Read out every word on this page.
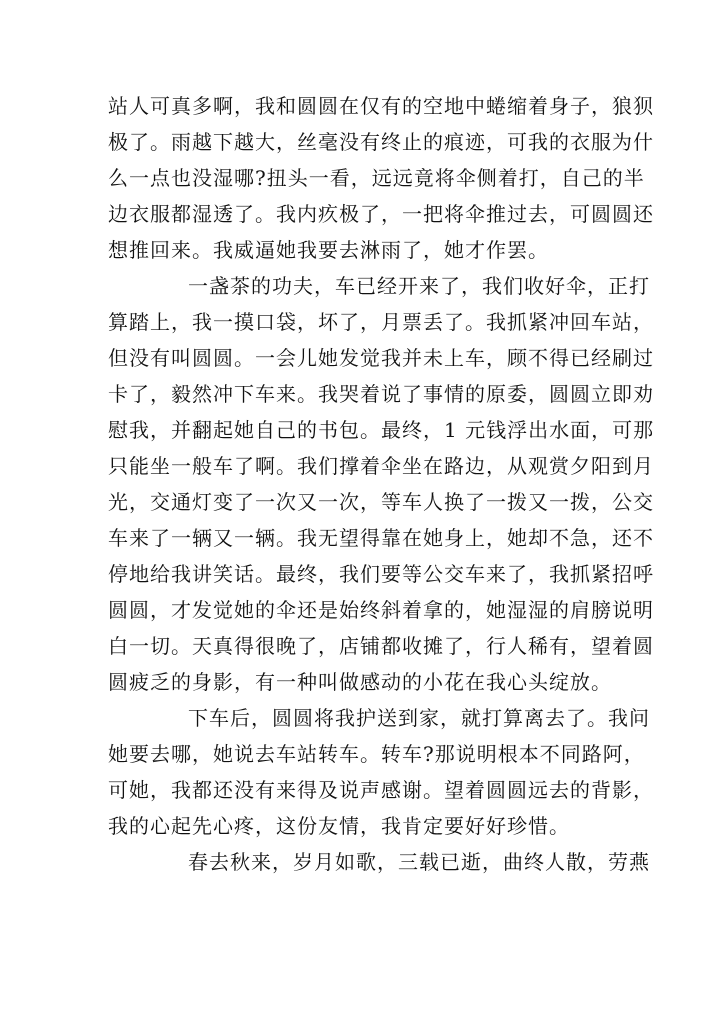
站人可真多啊，我和圆圆在仅有的空地中蜷缩着身子，狼狈
极了。雨越下越大，丝毫没有终止的痕迹，可我的衣服为什
么一点也没湿哪?扭头一看，远远竟将伞侧着打，自己的半
边衣服都湿透了。我内疚极了，一把将伞推过去，可圆圆还
想推回来。我威逼她我要去淋雨了，她才作罢。

一盏茶的功夫，车已经开来了，我们收好伞，正打
算踏上，我一摸口袋，坏了，月票丢了。我抓紧冲回车站，
但没有叫圆圆。一会儿她发觉我并未上车，顾不得已经刷过
卡了，毅然冲下车来。我哭着说了事情的原委，圆圆立即劝
慰我，并翻起她自己的书包。最终，1 元钱浮出水面，可那
只能坐一般车了啊。我们撑着伞坐在路边，从观赏夕阳到月
光，交通灯变了一次又一次，等车人换了一拨又一拨，公交
车来了一辆又一辆。我无望得靠在她身上，她却不急，还不
停地给我讲笑话。最终，我们要等公交车来了，我抓紧招呼
圆圆，才发觉她的伞还是始终斜着拿的，她湿湿的肩膀说明
白一切。天真得很晚了，店铺都收摊了，行人稀有，望着圆
圆疲乏的身影，有一种叫做感动的小花在我心头绽放。

下车后，圆圆将我护送到家，就打算离去了。我问
她要去哪，她说去车站转车。转车?那说明根本不同路阿，
可她，我都还没有来得及说声感谢。望着圆圆远去的背影，
我的心起先心疼，这份友情，我肯定要好好珍惜。

春去秋来，岁月如歌，三载已逝，曲终人散，劳燕
